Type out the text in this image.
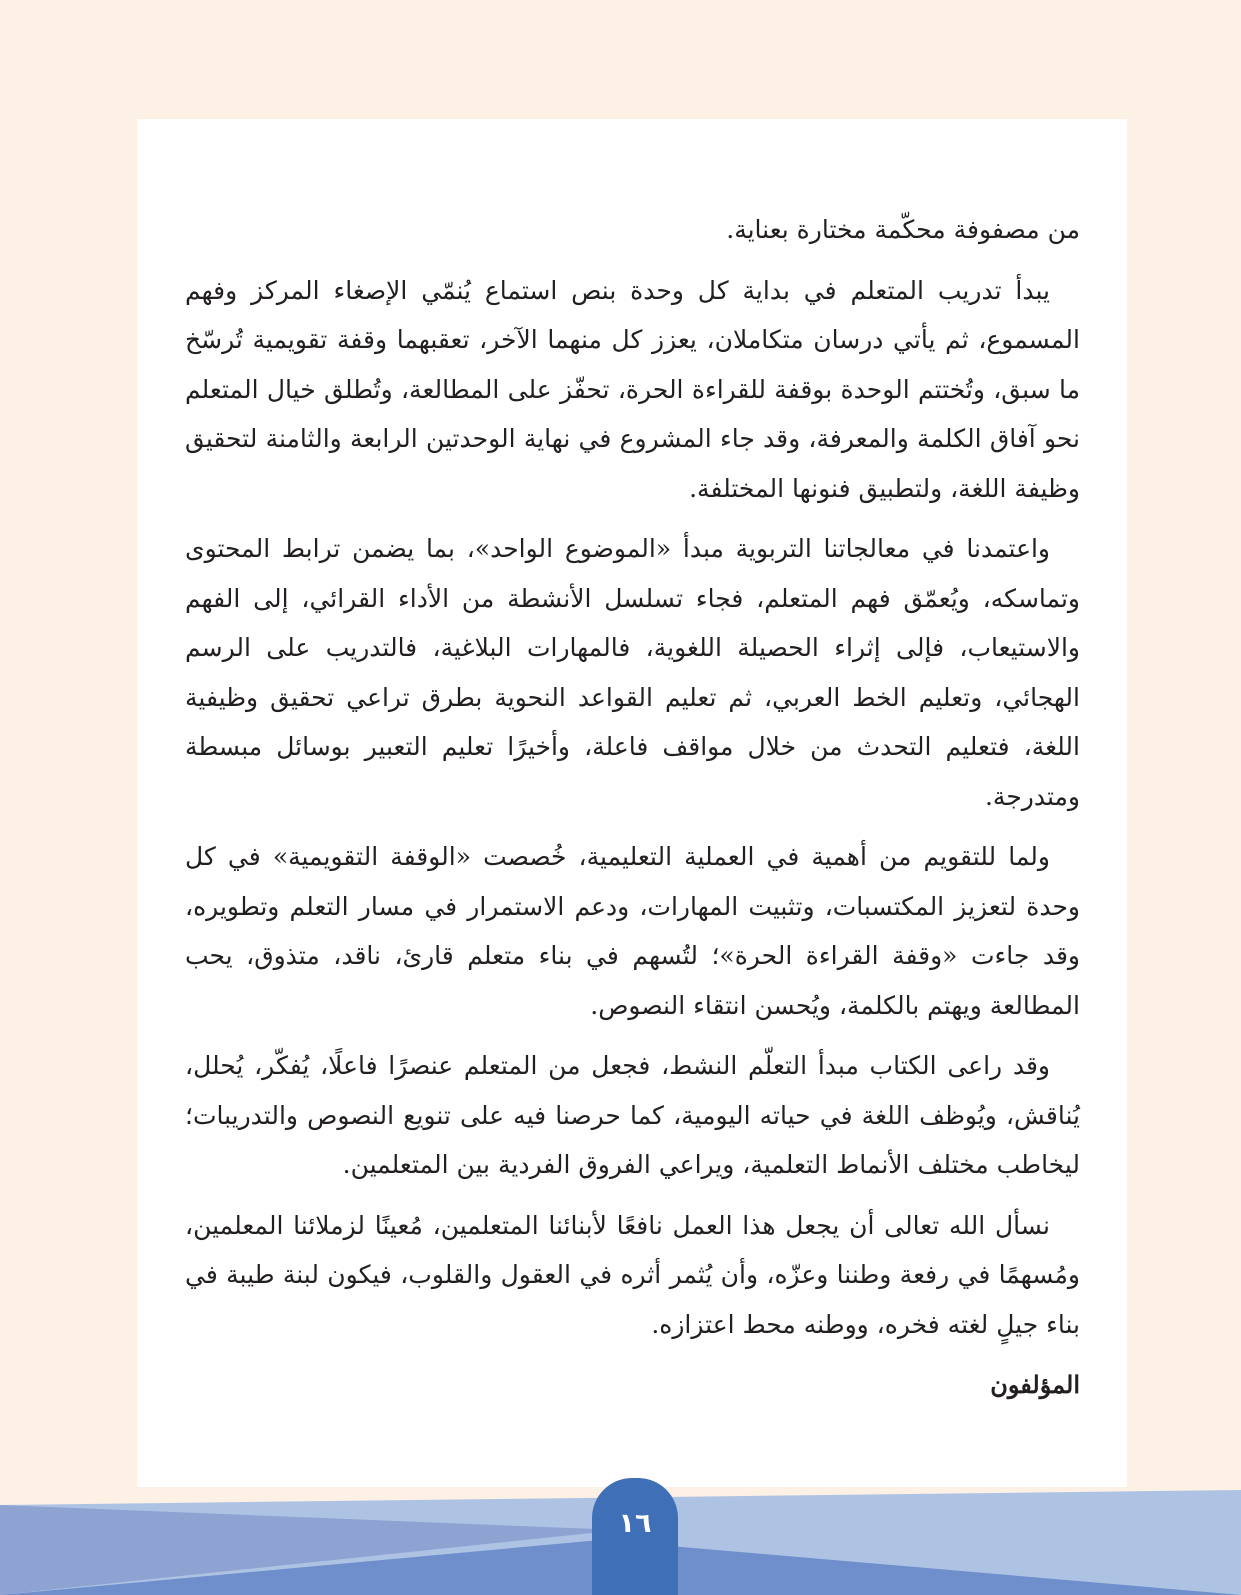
من مصفوفة محكّمة مختارة بعناية.

يبدأ تدريب المتعلم في بداية كل وحدة بنص استماع يُنمّي الإصغاء المركز وفهم المسموع، ثم يأتي درسان متكاملان، يعزز كل منهما الآخر، تعقبهما وقفة تقويمية تُرسّخ ما سبق، وتُختتم الوحدة بوقفة للقراءة الحرة، تحفّز على المطالعة، وتُطلق خيال المتعلم نحو آفاق الكلمة والمعرفة، وقد جاء المشروع في نهاية الوحدتين الرابعة والثامنة لتحقيق وظيفة اللغة، ولتطبيق فنونها المختلفة.

واعتمدنا في معالجاتنا التربوية مبدأ «الموضوع الواحد»، بما يضمن ترابط المحتوى وتماسكه، ويُعمّق فهم المتعلم، فجاء تسلسل الأنشطة من الأداء القرائي، إلى الفهم والاستيعاب، فإلى إثراء الحصيلة اللغوية، فالمهارات البلاغية، فالتدريب على الرسم الهجائي، وتعليم الخط العربي، ثم تعليم القواعد النحوية بطرق تراعي تحقيق وظيفية اللغة، فتعليم التحدث من خلال مواقف فاعلة، وأخيرًا تعليم التعبير بوسائل مبسطة ومتدرجة.

ولما للتقويم من أهمية في العملية التعليمية، خُصصت «الوقفة التقويمية» في كل وحدة لتعزيز المكتسبات، وتثبيت المهارات، ودعم الاستمرار في مسار التعلم وتطويره، وقد جاءت «وقفة القراءة الحرة»؛ لتُسهم في بناء متعلم قارئ، ناقد، متذوق، يحب المطالعة ويهتم بالكلمة، ويُحسن انتقاء النصوص.

وقد راعى الكتاب مبدأ التعلّم النشط، فجعل من المتعلم عنصرًا فاعلًا، يُفكّر، يُحلل، يُناقش، ويُوظف اللغة في حياته اليومية، كما حرصنا فيه على تنويع النصوص والتدريبات؛ ليخاطب مختلف الأنماط التعلمية، ويراعي الفروق الفردية بين المتعلمين.

نسأل الله تعالى أن يجعل هذا العمل نافعًا لأبنائنا المتعلمين، مُعينًا لزملائنا المعلمين، ومُسهمًا في رفعة وطننا وعزّه، وأن يُثمر أثره في العقول والقلوب، فيكون لبنة طيبة في بناء جيلٍ لغته فخره، ووطنه محط اعتزازه.

المؤلفون
١٦
